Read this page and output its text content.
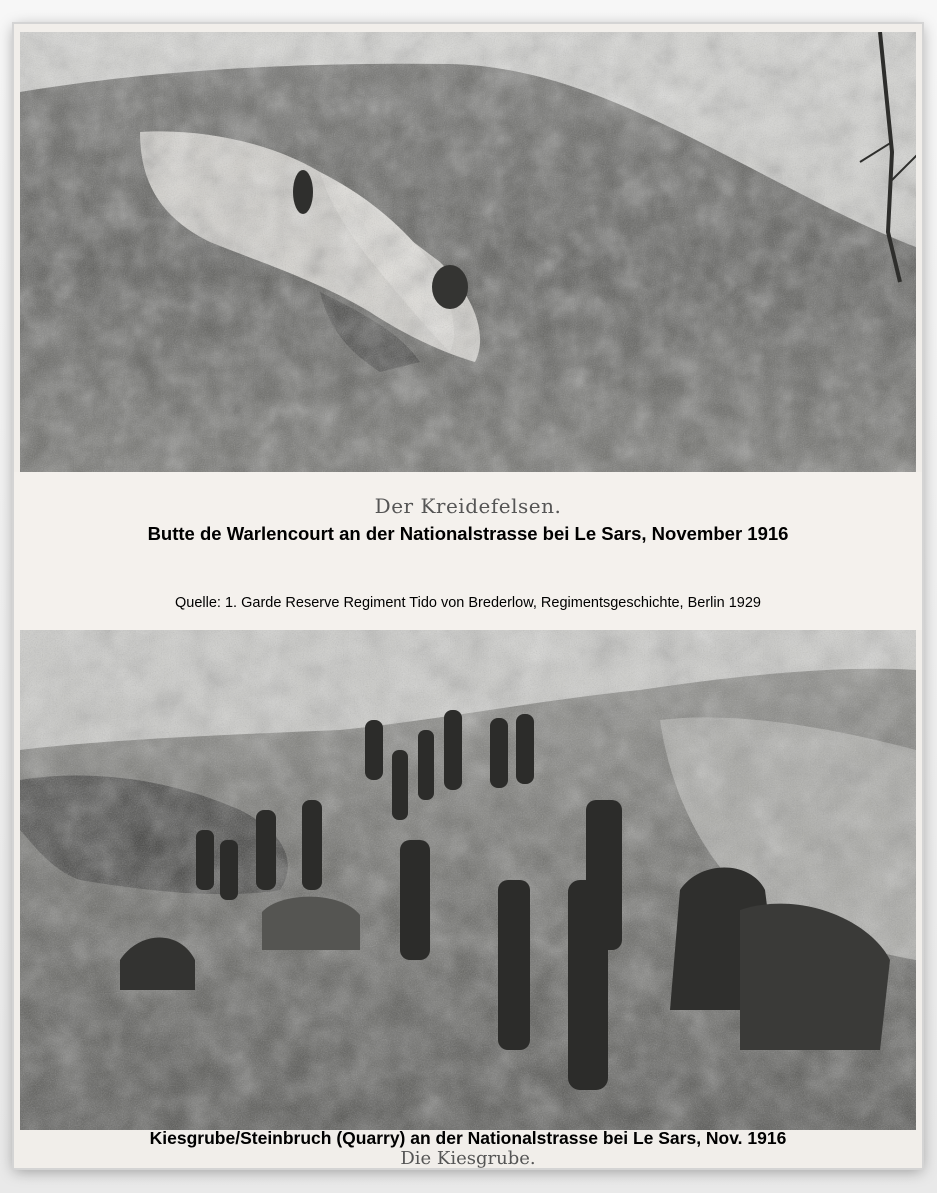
Der Kreidefelsen.
Butte de Warlencourt an der Nationalstrasse bei Le Sars, November 1916
Quelle: 1. Garde Reserve Regiment Tido von Brederlow, Regimentsgeschichte, Berlin 1929
Kiesgrube/Steinbruch (Quarry) an der Nationalstrasse bei Le Sars, Nov. 1916
Die Kiesgrube.
